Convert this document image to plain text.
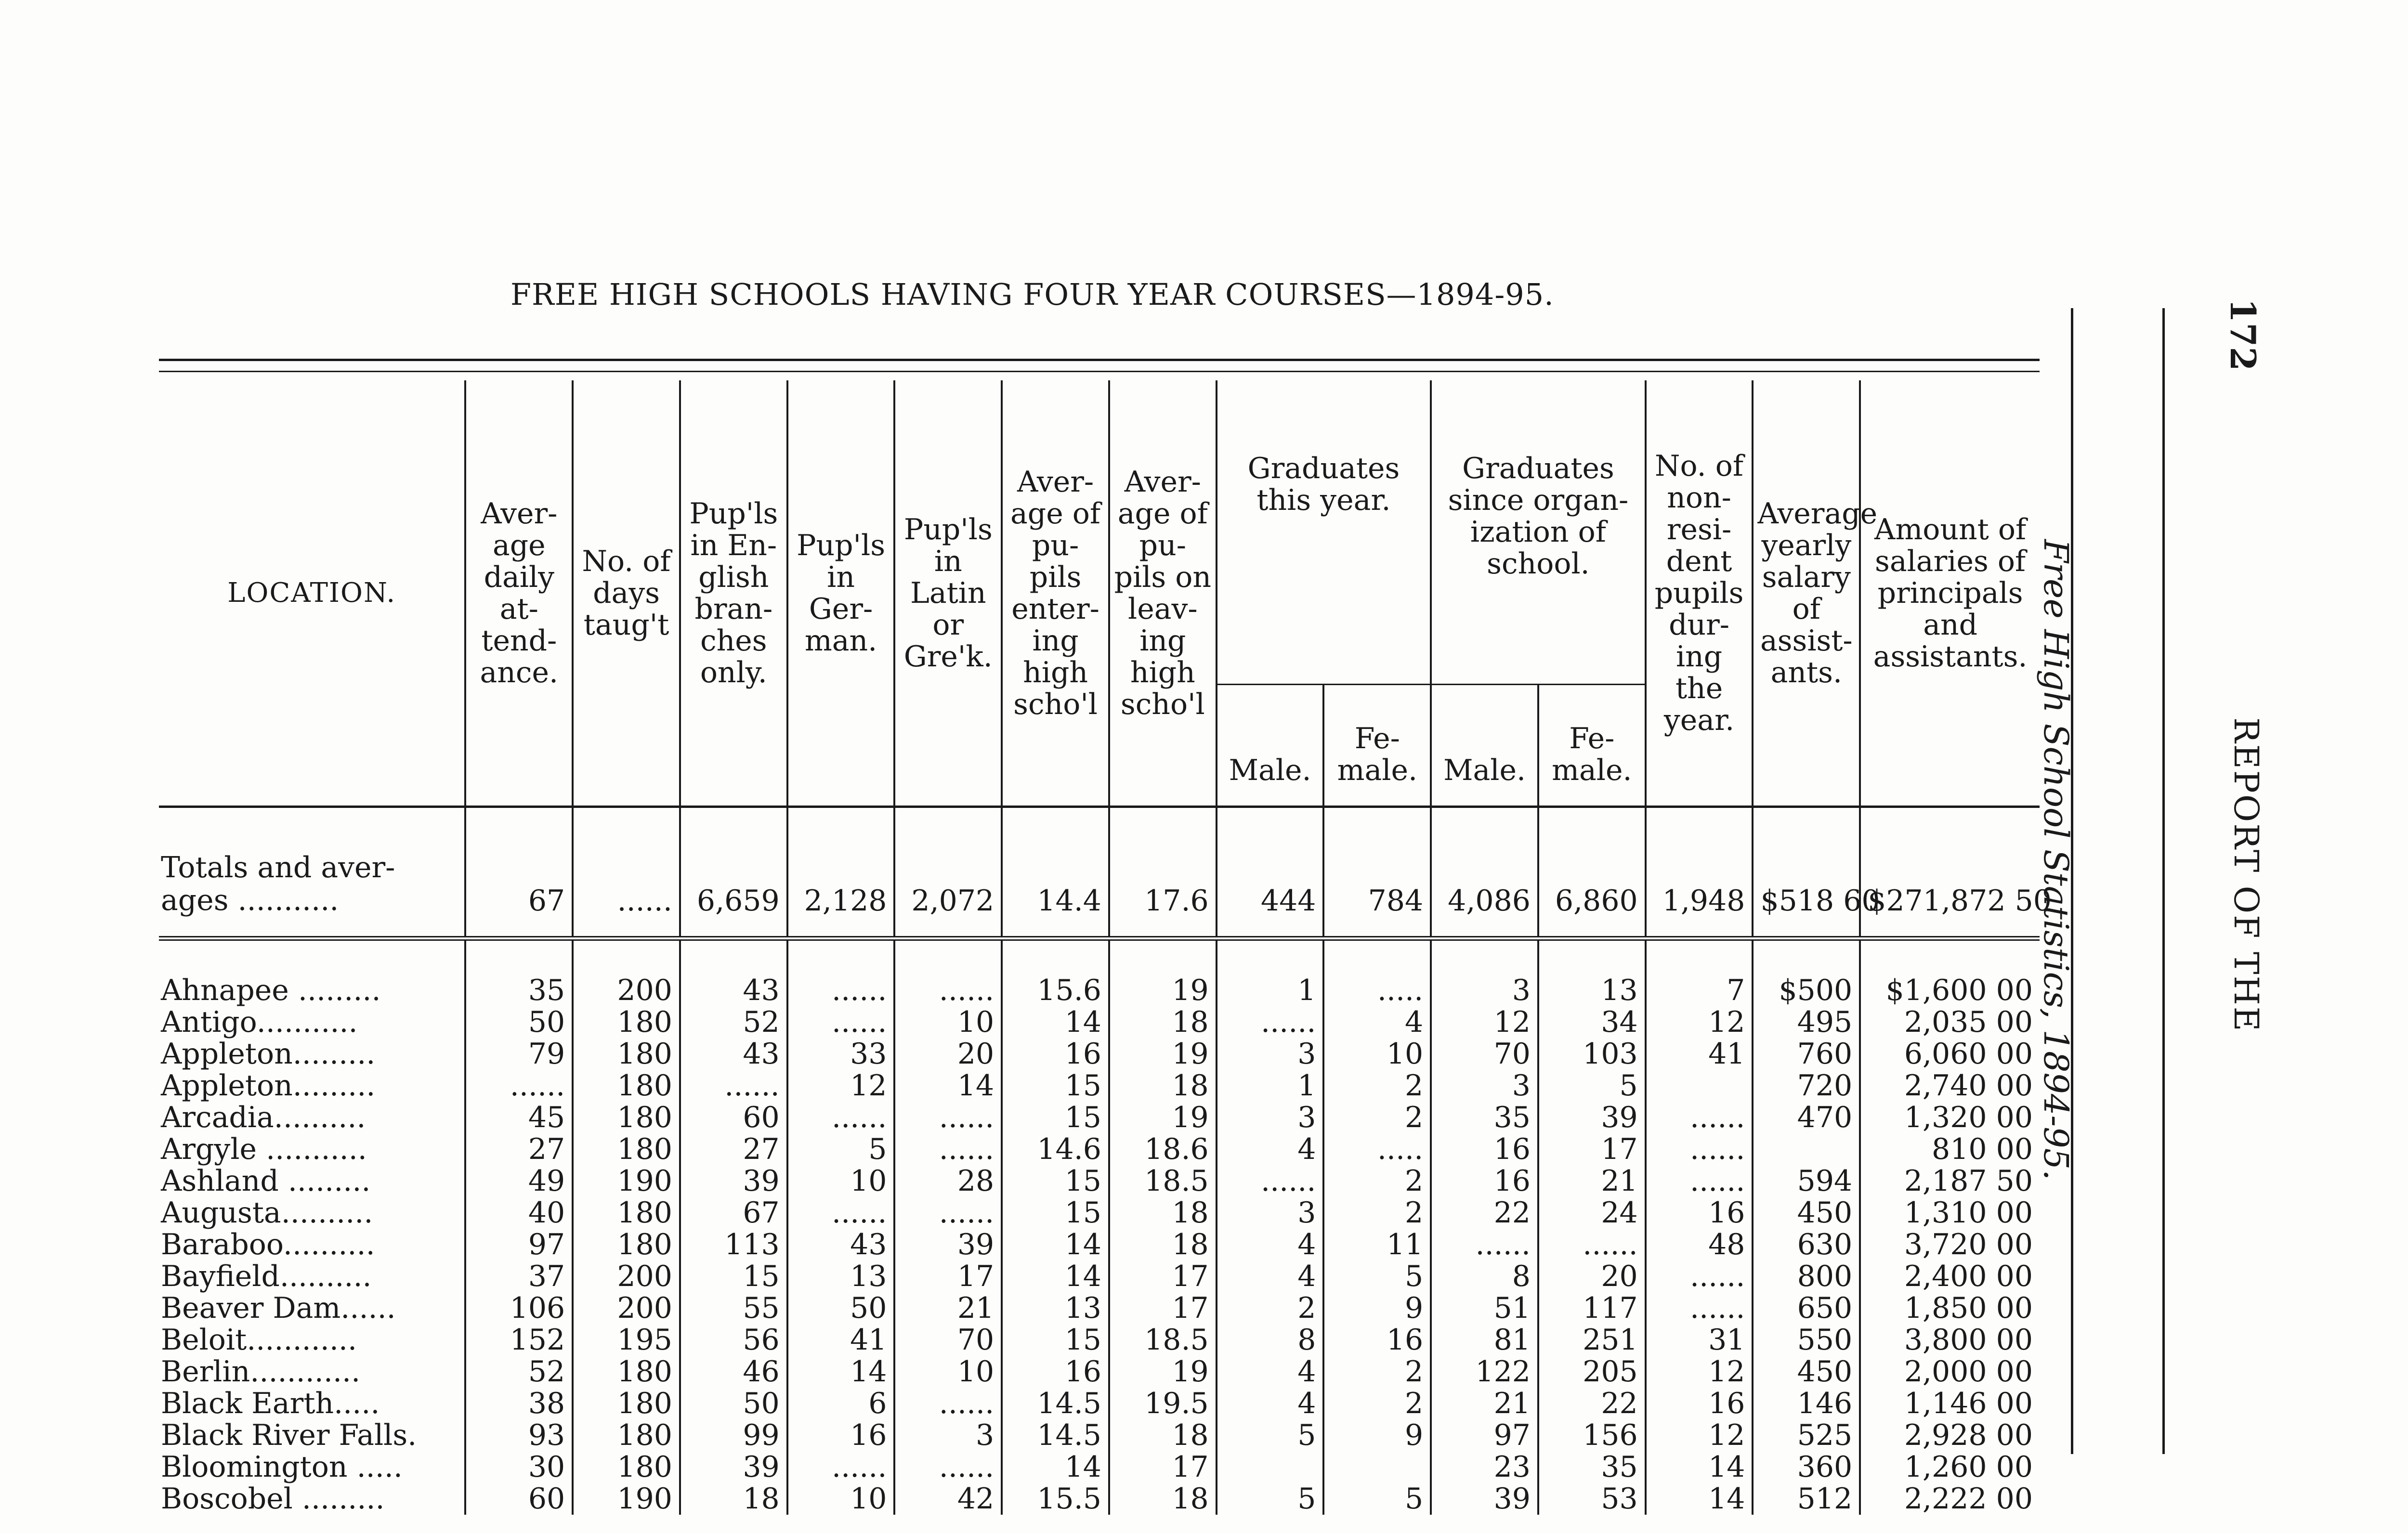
FREE HIGH SCHOOLS HAVING FOUR YEAR COURSES—1894-95.
LOCATION.	Aver- age daily at- tend- ance.	No. of days taug't	Pup'ls in En- glish bran- ches only.	Pup'ls in Ger- man.	Pup'ls in Latin or Gre'k.	Aver- age of pu- pils enter- ing high scho'l	Aver- age of pu- pils on leav- ing high scho'l	Graduates this year.		Graduates since organ- ization of school.		No. of non- resi- dent pupils dur- ing the year.	Average yearly salary of assist- ants.	Amount of salaries of principals and assistants.
								Male.	Fe- male.	Male.	Fe- male.			
Totals and aver- ages ...........	67	......	6,659	2,128	2,072	14.4	17.6	444	784	4,086	6,860	1,948	$518 60	$271,872 50
Ahnapee .........	35	200	43	......	......	15.6	19	1	.....	3	13	7	$500	$1,600 00
Antigo...........	50	180	52	......	10	14	18	......	4	12	34	12	495	2,035 00
Appleton.........	79	180	43	33	20	16	19	3	10	70	103	41	760	6,060 00
Appleton.........	......	180	......	12	14	15	18	1	2	3	5		720	2,740 00
Arcadia..........	45	180	60	......	......	15	19	3	2	35	39	......	470	1,320 00
Argyle ...........	27	180	27	5	......	14.6	18.6	4	.....	16	17	......		810 00
Ashland .........	49	190	39	10	28	15	18.5	......	2	16	21	......	594	2,187 50
Augusta..........	40	180	67	......	......	15	18	3	2	22	24	16	450	1,310 00
Baraboo..........	97	180	113	43	39	14	18	4	11	......	......	48	630	3,720 00
Bayfield..........	37	200	15	13	17	14	17	4	5	8	20	......	800	2,400 00
Beaver Dam......	106	200	55	50	21	13	17	2	9	51	117	......	650	1,850 00
Beloit............	152	195	56	41	70	15	18.5	8	16	81	251	31	550	3,800 00
Berlin............	52	180	46	14	10	16	19	4	2	122	205	12	450	2,000 00
Black Earth.....	38	180	50	6	......	14.5	19.5	4	2	21	22	16	146	1,146 00
Black River Falls.	93	180	99	16	3	14.5	18	5	9	97	156	12	525	2,928 00
Bloomington .....	30	180	39	......	......	14	17			23	35	14	360	1,260 00
Boscobel .........	60	190	18	10	42	15.5	18	5	5	39	53	14	512	2,222 00
Free High School Statistics, 1894-95.
172
REPORT OF THE
